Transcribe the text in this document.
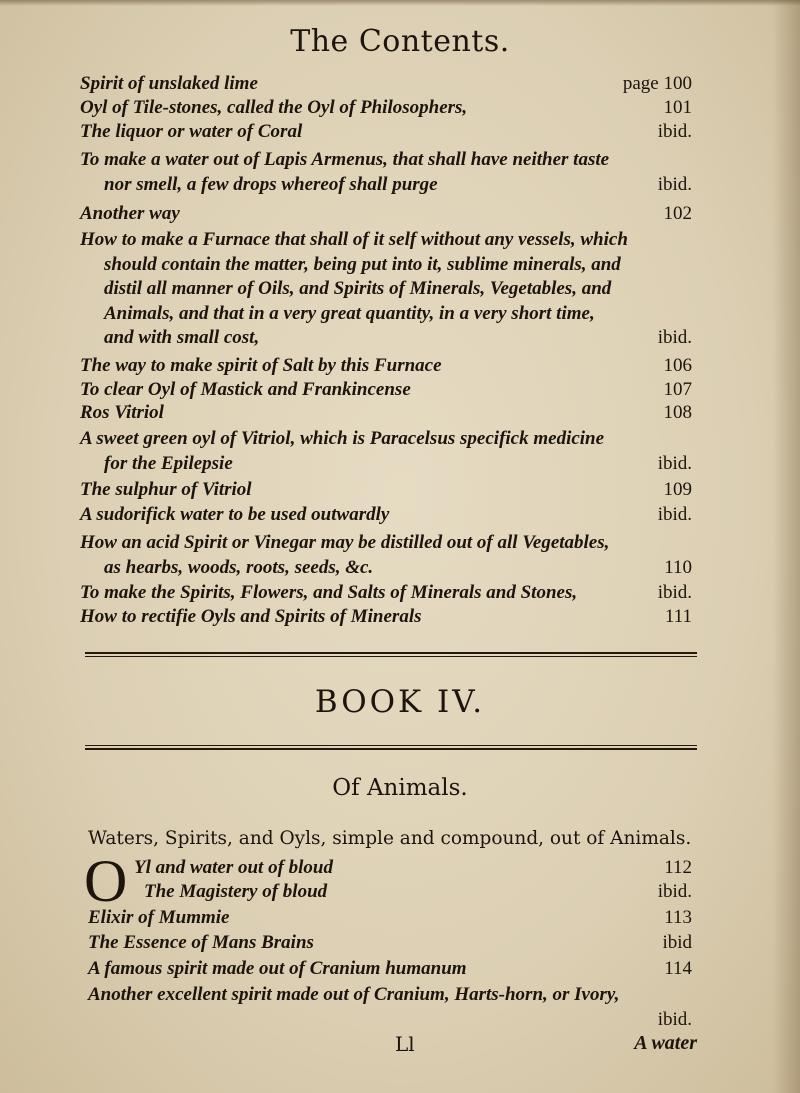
The Contents.
Spirit of unslaked lime	page 100
Oyl of Tile-stones, called the Oyl of Philosophers,	101
The liquor or water of Coral	ibid.
To make a water out of Lapis Armenus, that shall have neither taste
nor smell, a few drops whereof shall purge	ibid.
Another way	102
How to make a Furnace that shall of it self without any vessels, which
should contain the matter, being put into it, sublime minerals, and
distil all manner of Oils, and Spirits of Minerals, Vegetables, and
Animals, and that in a very great quantity, in a very short time,
and with small cost,	ibid.
The way to make spirit of Salt by this Furnace	106
To clear Oyl of Mastick and Frankincense	107
Ros Vitriol	108
A sweet green oyl of Vitriol, which is Paracelsus specifick medicine
for the Epilepsie	ibid.
The sulphur of Vitriol	109
A sudorifick water to be used outwardly	ibid.
How an acid Spirit or Vinegar may be distilled out of all Vegetables,
as hearbs, woods, roots, seeds, &c.	110
To make the Spirits, Flowers, and Salts of Minerals and Stones,	ibid.
How to rectifie Oyls and Spirits of Minerals	111
BOOK IV.
Of Animals.
Waters, Spirits, and Oyls, simple and compound, out of Animals.
O Yl and water out of bloud	112
The Magistery of bloud	ibid.
Elixir of Mummie	113
The Essence of Mans Brains	ibid
A famous spirit made out of Cranium humanum	114
Another excellent spirit made out of Cranium, Harts-horn, or Ivory,
ibid.
Ll	A water
